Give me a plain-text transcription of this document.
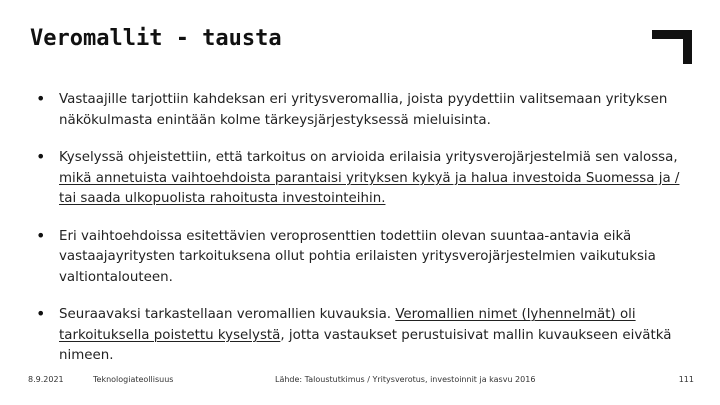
Veromallit - tausta
• Vastaajille tarjottiin kahdeksan eri yritysveromallia, joista pyydettiin valitsemaan yrityksen näkökulmasta enintään kolme tärkeysjärjestyksessä mieluisinta.
• Kyselyssä ohjeistettiin, että tarkoitus on arvioida erilaisia yritysverojärjestelmiä sen valossa, mikä annetuista vaihtoehdoista parantaisi yrityksen kykyä ja halua investoida Suomessa ja / tai saada ulkopuolista rahoitusta investointeihin.
• Eri vaihtoehdoissa esitettävien veroprosenttien todettiin olevan suuntaa-antavia eikä vastaajayritysten tarkoituksena ollut pohtia erilaisten yritysverojärjestelmien vaikutuksia valtiontalouteen.
• Seuraavaksi tarkastellaan veromallien kuvauksia. Veromallien nimet (lyhennelmät) oli tarkoituksella poistettu kyselystä, jotta vastaukset perustuisivat mallin kuvaukseen eivätkä nimeen.
8.9.2021	Teknologiateollisuus	Lähde: Taloustutkimus / Yritysverotus, investoinnit ja kasvu 2016	111
